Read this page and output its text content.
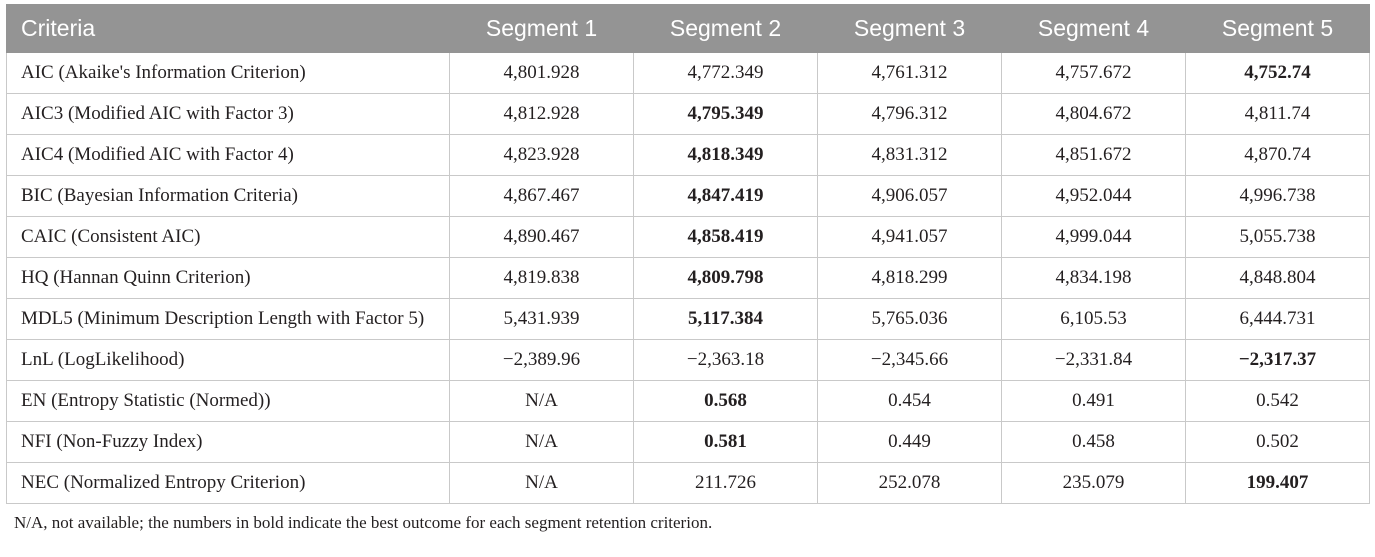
Criteria	Segment 1	Segment 2	Segment 3	Segment 4	Segment 5
AIC (Akaike's Information Criterion)	4,801.928	4,772.349	4,761.312	4,757.672	4,752.74
AIC3 (Modified AIC with Factor 3)	4,812.928	4,795.349	4,796.312	4,804.672	4,811.74
AIC4 (Modified AIC with Factor 4)	4,823.928	4,818.349	4,831.312	4,851.672	4,870.74
BIC (Bayesian Information Criteria)	4,867.467	4,847.419	4,906.057	4,952.044	4,996.738
CAIC (Consistent AIC)	4,890.467	4,858.419	4,941.057	4,999.044	5,055.738
HQ (Hannan Quinn Criterion)	4,819.838	4,809.798	4,818.299	4,834.198	4,848.804
MDL5 (Minimum Description Length with Factor 5)	5,431.939	5,117.384	5,765.036	6,105.53	6,444.731
LnL (LogLikelihood)	−2,389.96	−2,363.18	−2,345.66	−2,331.84	−2,317.37
EN (Entropy Statistic (Normed))	N/A	0.568	0.454	0.491	0.542
NFI (Non-Fuzzy Index)	N/A	0.581	0.449	0.458	0.502
NEC (Normalized Entropy Criterion)	N/A	211.726	252.078	235.079	199.407
N/A, not available; the numbers in bold indicate the best outcome for each segment retention criterion.
